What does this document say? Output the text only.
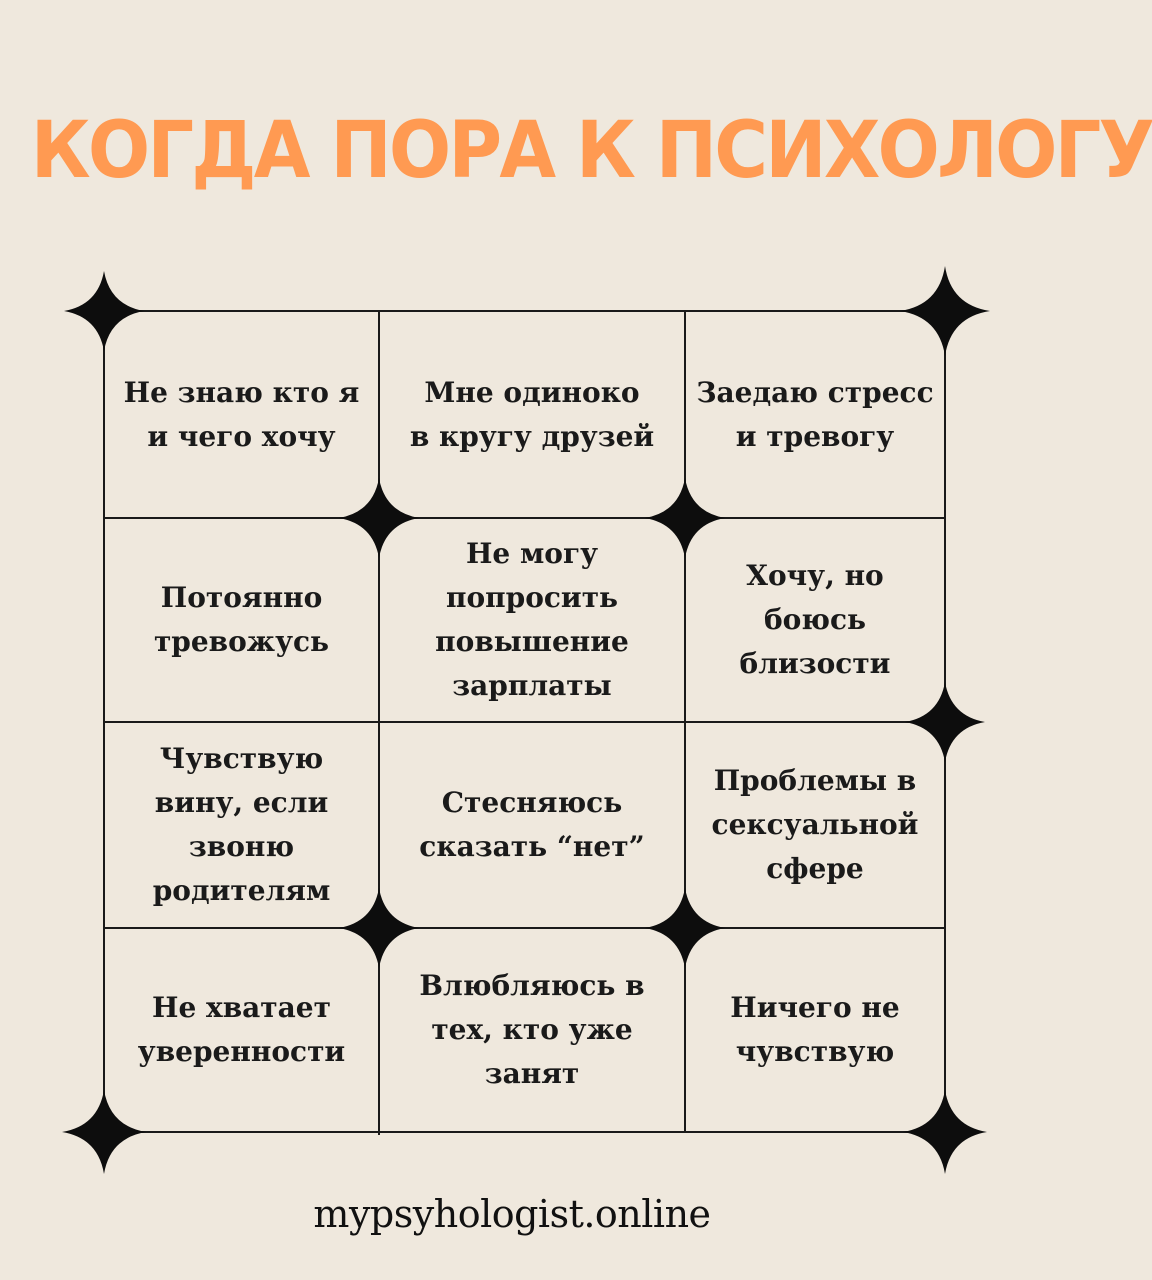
КОГДА ПОРА К ПСИХОЛОГУ
Не знаю кто я
и чего хочу
Мне одиноко
в кругу друзей
Заедаю стресс
и тревогу
Потоянно
тревожусь
Не могу
попросить
повышение
зарплаты
Хочу, но
боюсь
близости
Чувствую
вину, если
звоню
родителям
Стесняюсь
сказать “нет”
Проблемы в
сексуальной
сфере
Не хватает
уверенности
Влюбляюсь в
тех, кто уже
занят
Ничего не
чувствую
mypsyhologist.online
